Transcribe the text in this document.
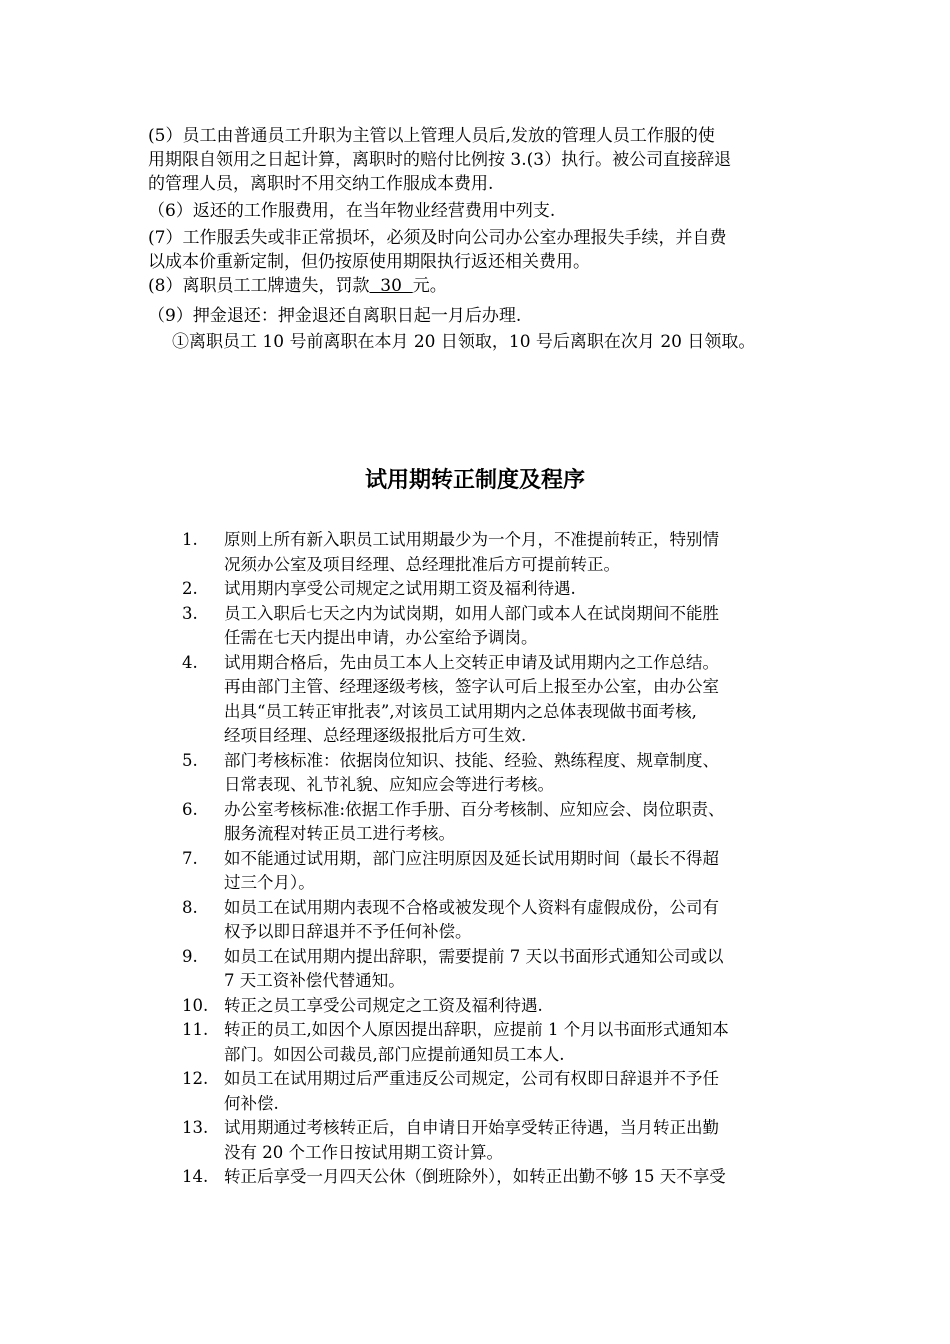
(5）员工由普通员工升职为主管以上管理人员后,发放的管理人员工作服的使
用期限自领用之日起计算，离职时的赔付比例按 3.(3）执行。被公司直接辞退
的管理人员，离职时不用交纳工作服成本费用.
（6）返还的工作服费用，在当年物业经营费用中列支.
(7）工作服丢失或非正常损坏，必须及时向公司办公室办理报失手续，并自费
以成本价重新定制，但仍按原使用期限执行返还相关费用。
(8）离职员工工牌遗失，罚款  30  元。
（9）押金退还：押金退还自离职日起一月后办理.
①离职员工 10 号前离职在本月 20 日领取，10 号后离职在次月 20 日领取。
试用期转正制度及程序
1.	原则上所有新入职员工试用期最少为一个月，不准提前转正，特别情
况须办公室及项目经理、总经理批准后方可提前转正。
2.	试用期内享受公司规定之试用期工资及福利待遇.
3.	员工入职后七天之内为试岗期，如用人部门或本人在试岗期间不能胜
任需在七天内提出申请，办公室给予调岗。
4.	试用期合格后，先由员工本人上交转正申请及试用期内之工作总结。
再由部门主管、经理逐级考核，签字认可后上报至办公室，由办公室
出具“员工转正审批表”,对该员工试用期内之总体表现做书面考核,
经项目经理、总经理逐级报批后方可生效.
5.	部门考核标准：依据岗位知识、技能、经验、熟练程度、规章制度、
日常表现、礼节礼貌、应知应会等进行考核。
6.	办公室考核标准:依据工作手册、百分考核制、应知应会、岗位职责、
服务流程对转正员工进行考核。
7.	如不能通过试用期，部门应注明原因及延长试用期时间（最长不得超
过三个月）。
8.	如员工在试用期内表现不合格或被发现个人资料有虚假成份，公司有
权予以即日辞退并不予任何补偿。
9.	如员工在试用期内提出辞职，需要提前 7 天以书面形式通知公司或以
7 天工资补偿代替通知。
10. 转正之员工享受公司规定之工资及福利待遇.
11. 转正的员工,如因个人原因提出辞职，应提前 1 个月以书面形式通知本
部门。如因公司裁员,部门应提前通知员工本人.
12. 如员工在试用期过后严重违反公司规定，公司有权即日辞退并不予任
何补偿.
13. 试用期通过考核转正后，自申请日开始享受转正待遇，当月转正出勤
没有 20 个工作日按试用期工资计算。
14. 转正后享受一月四天公休（倒班除外），如转正出勤不够 15 天不享受
